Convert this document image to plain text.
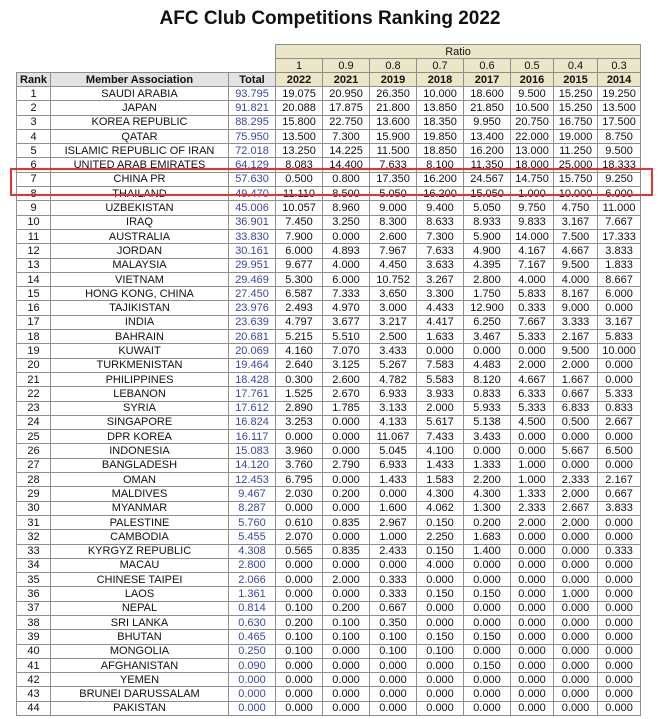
AFC Club Competitions Ranking 2022
			Ratio							
			1	0.9	0.8	0.7	0.6	0.5	0.4	0.3
Rank	Member Association	Total	2022	2021	2019	2018	2017	2016	2015	2014
1	SAUDI ARABIA	93.795	19.075	20.950	26.350	10.000	18.600	9.500	15.250	19.250
2	JAPAN	91.821	20.088	17.875	21.800	13.850	21.850	10.500	15.250	13.500
3	KOREA REPUBLIC	88.295	15.800	22.750	13.600	18.350	9.950	20.750	16.750	17.500
4	QATAR	75.950	13.500	7.300	15.900	19.850	13.400	22.000	19.000	8.750
5	ISLAMIC REPUBLIC OF IRAN	72.018	13.250	14.225	11.500	18.850	16.200	13.000	11.250	9.500
6	UNITED ARAB EMIRATES	64.129	8.083	14.400	7.633	8.100	11.350	18.000	25.000	18.333
7	CHINA PR	57.630	0.500	0.800	17.350	16.200	24.567	14.750	15.750	9.250
8	THAILAND	49.470	11.110	8.500	5.050	16.200	15.050	1.000	10.000	6.000
9	UZBEKISTAN	45.006	10.057	8.960	9.000	9.400	5.050	9.750	4.750	11.000
10	IRAQ	36.901	7.450	3.250	8.300	8.633	8.933	9.833	3.167	7.667
11	AUSTRALIA	33.830	7.900	0.000	2.600	7.300	5.900	14.000	7.500	17.333
12	JORDAN	30.161	6.000	4.893	7.967	7.633	4.900	4.167	4.667	3.833
13	MALAYSIA	29.951	9.677	4.000	4.450	3.633	4.395	7.167	9.500	1.833
14	VIETNAM	29.469	5.300	6.000	10.752	3.267	2.800	4.000	4.000	8.667
15	HONG KONG, CHINA	27.450	6.587	7.333	3.650	3.300	1.750	5.833	8.167	6.000
16	TAJIKISTAN	23.976	2.493	4.970	3.000	4.433	12.900	0.333	9.000	0.000
17	INDIA	23.639	4.797	3.677	3.217	4.417	6.250	7.667	3.333	3.167
18	BAHRAIN	20.681	5.215	5.510	2.500	1.633	3.467	5.333	2.167	5.833
19	KUWAIT	20.069	4.160	7.070	3.433	0.000	0.000	0.000	9.500	10.000
20	TURKMENISTAN	19.464	2.640	3.125	5.267	7.583	4.483	2.000	2.000	0.000
21	PHILIPPINES	18.428	0.300	2.600	4.782	5.583	8.120	4.667	1.667	0.000
22	LEBANON	17.761	1.525	2.670	6.933	3.933	0.833	6.333	0.667	5.333
23	SYRIA	17.612	2.890	1.785	3.133	2.000	5.933	5.333	6.833	0.833
24	SINGAPORE	16.824	3.253	0.000	4.133	5.617	5.138	4.500	0.500	2.667
25	DPR KOREA	16.117	0.000	0.000	11.067	7.433	3.433	0.000	0.000	0.000
26	INDONESIA	15.083	3.960	0.000	5.045	4.100	0.000	0.000	5.667	6.500
27	BANGLADESH	14.120	3.760	2.790	6.933	1.433	1.333	1.000	0.000	0.000
28	OMAN	12.453	6.795	0.000	1.433	1.583	2.200	1.000	2.333	2.167
29	MALDIVES	9.467	2.030	0.200	0.000	4.300	4.300	1.333	2.000	0.667
30	MYANMAR	8.287	0.000	0.000	1.600	4.062	1.300	2.333	2.667	3.833
31	PALESTINE	5.760	0.610	0.835	2.967	0.150	0.200	2.000	2.000	0.000
32	CAMBODIA	5.455	2.070	0.000	1.000	2.250	1.683	0.000	0.000	0.000
33	KYRGYZ REPUBLIC	4.308	0.565	0.835	2.433	0.150	1.400	0.000	0.000	0.333
34	MACAU	2.800	0.000	0.000	0.000	4.000	0.000	0.000	0.000	0.000
35	CHINESE TAIPEI	2.066	0.000	2.000	0.333	0.000	0.000	0.000	0.000	0.000
36	LAOS	1.361	0.000	0.000	0.333	0.150	0.150	0.000	1.000	0.000
37	NEPAL	0.814	0.100	0.200	0.667	0.000	0.000	0.000	0.000	0.000
38	SRI LANKA	0.630	0.200	0.100	0.350	0.000	0.000	0.000	0.000	0.000
39	BHUTAN	0.465	0.100	0.100	0.100	0.150	0.150	0.000	0.000	0.000
40	MONGOLIA	0.250	0.100	0.000	0.100	0.100	0.000	0.000	0.000	0.000
41	AFGHANISTAN	0.090	0.000	0.000	0.000	0.000	0.150	0.000	0.000	0.000
42	YEMEN	0.000	0.000	0.000	0.000	0.000	0.000	0.000	0.000	0.000
43	BRUNEI DARUSSALAM	0.000	0.000	0.000	0.000	0.000	0.000	0.000	0.000	0.000
44	PAKISTAN	0.000	0.000	0.000	0.000	0.000	0.000	0.000	0.000	0.000
